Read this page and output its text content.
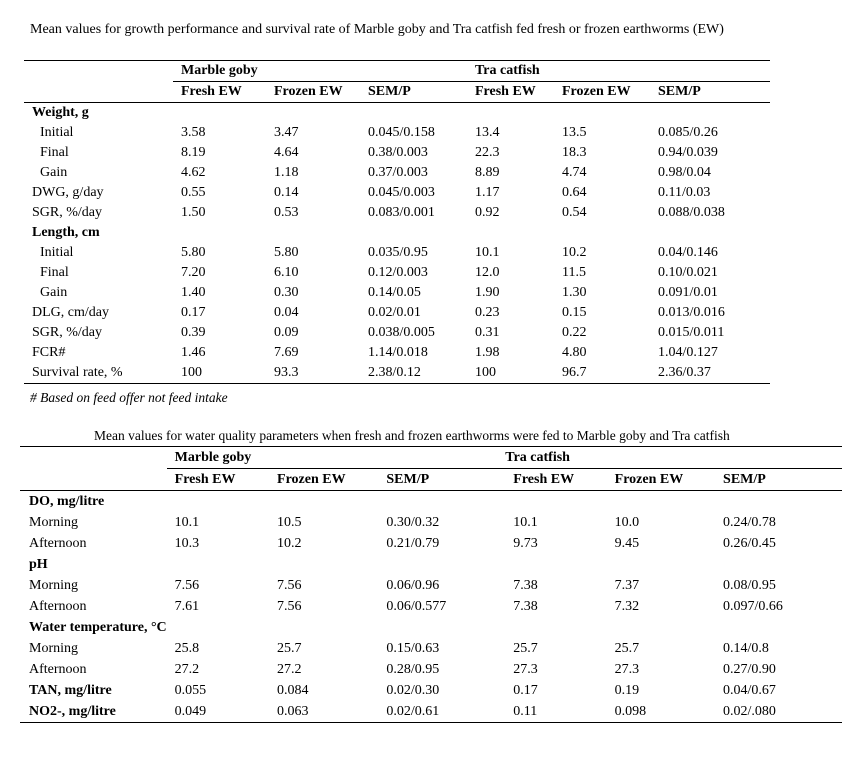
Mean values for growth performance and survival rate of Marble goby and Tra catfish fed fresh or frozen earthworms (EW)
	Marble goby			Tra catfish		
	Fresh EW	Frozen EW	SEM/P	Fresh EW	Frozen EW	SEM/P
Weight, g						
Initial	3.58	3.47	0.045/0.158	13.4	13.5	0.085/0.26
Final	8.19	4.64	0.38/0.003	22.3	18.3	0.94/0.039
Gain	4.62	1.18	0.37/0.003	8.89	4.74	0.98/0.04
DWG, g/day	0.55	0.14	0.045/0.003	1.17	0.64	0.11/0.03
SGR, %/day	1.50	0.53	0.083/0.001	0.92	0.54	0.088/0.038
Length, cm						
Initial	5.80	5.80	0.035/0.95	10.1	10.2	0.04/0.146
Final	7.20	6.10	0.12/0.003	12.0	11.5	0.10/0.021
Gain	1.40	0.30	0.14/0.05	1.90	1.30	0.091/0.01
DLG, cm/day	0.17	0.04	0.02/0.01	0.23	0.15	0.013/0.016
SGR, %/day	0.39	0.09	0.038/0.005	0.31	0.22	0.015/0.011
FCR#	1.46	7.69	1.14/0.018	1.98	4.80	1.04/0.127
Survival rate, %	100	93.3	2.38/0.12	100	96.7	2.36/0.37
# Based on feed offer not feed intake
Mean values for water quality parameters when fresh and frozen earthworms were fed to Marble goby and Tra catfish
	Marble goby			Tra catfish		
	Fresh EW	Frozen EW	SEM/P	Fresh EW	Frozen EW	SEM/P
DO, mg/litre						
Morning	10.1	10.5	0.30/0.32	10.1	10.0	0.24/0.78
Afternoon	10.3	10.2	0.21/0.79	9.73	9.45	0.26/0.45
pH						
Morning	7.56	7.56	0.06/0.96	7.38	7.37	0.08/0.95
Afternoon	7.61	7.56	0.06/0.577	7.38	7.32	0.097/0.66
Water temperature, °C						
Morning	25.8	25.7	0.15/0.63	25.7	25.7	0.14/0.8
Afternoon	27.2	27.2	0.28/0.95	27.3	27.3	0.27/0.90
TAN, mg/litre	0.055	0.084	0.02/0.30	0.17	0.19	0.04/0.67
NO2-, mg/litre	0.049	0.063	0.02/0.61	0.11	0.098	0.02/.080
